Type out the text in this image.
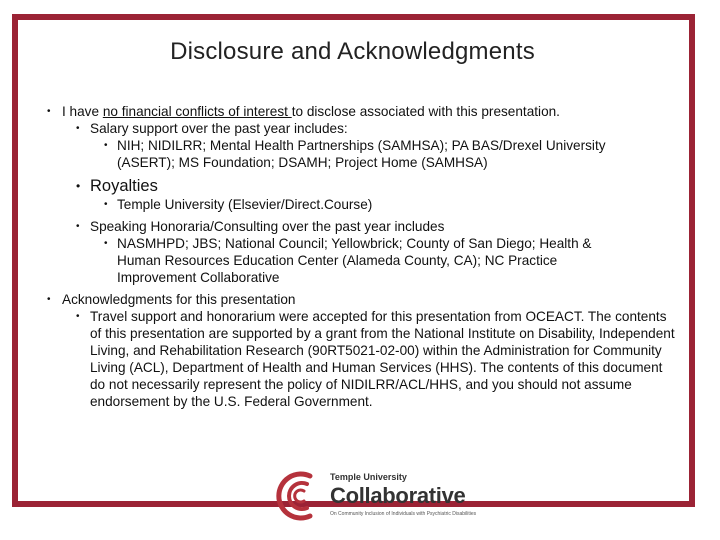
Disclosure and Acknowledgments
• I have no financial conflicts of interest to disclose associated with this presentation.
• Salary support over the past year includes:
• NIH; NIDILRR; Mental Health Partnerships (SAMHSA); PA BAS/Drexel University (ASERT); MS Foundation; DSAMH; Project Home (SAMHSA)
• Royalties
• Temple University (Elsevier/Direct.Course)
• Speaking Honoraria/Consulting over the past year includes
• NASMHPD; JBS; National Council; Yellowbrick; County of San Diego; Health & Human Resources Education Center (Alameda County, CA); NC Practice Improvement Collaborative
• Acknowledgments for this presentation
• Travel support and honorarium were accepted for this presentation from OCEACT. The contents of this presentation are supported by a grant from the National Institute on Disability, Independent Living, and Rehabilitation Research (90RT5021-02-00) within the Administration for Community Living (ACL), Department of Health and Human Services (HHS). The contents of this document do not necessarily represent the policy of NIDILRR/ACL/HHS, and you should not assume endorsement by the U.S. Federal Government.
Temple University
Collaborative
On Community Inclusion of Individuals with Psychiatric Disabilities
